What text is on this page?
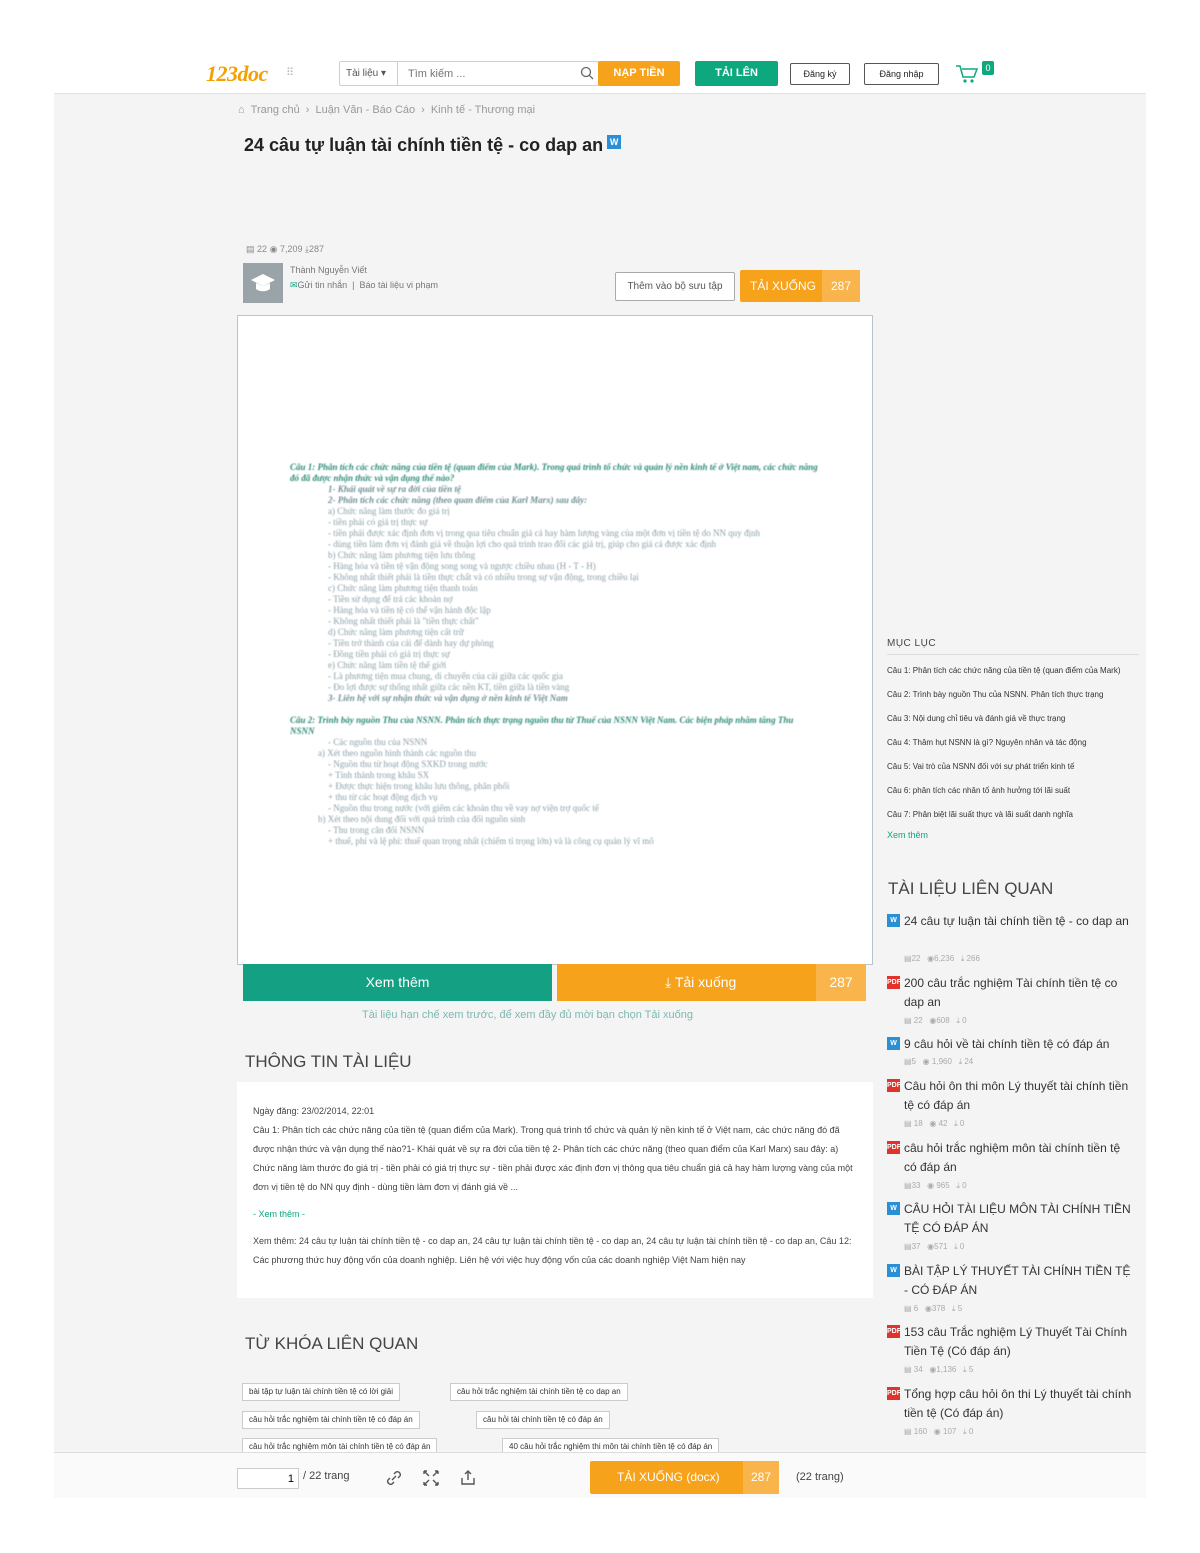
123doc ⠿	Tài liệu ▾
Tìm kiếm ...	NẠP TIỀN	TẢI LÊN	Đăng ký	Đăng nhập
0
⌂ Trang chủ › Luận Văn - Báo Cáo › Kinh tế - Thương mại
24 câu tự luận tài chính tiền tệ - co dap an W
▤ 22 ◉ 7,209 ⤓287
Thành Nguyễn Viết
✉Gửi tin nhắn  |  Báo tài liệu vi phạm	Thêm vào bộ sưu tập	TẢI XUỐNG	287
Câu 1: Phân tích các chức năng của tiền tệ (quan điểm của Mark). Trong quá trình tổ chức và quản lý nền kinh tế ở Việt nam, các chức năng đó đã được nhận thức và vận dụng thế nào?
1- Khái quát về sự ra đời của tiền tệ
2- Phân tích các chức năng (theo quan điểm của Karl Marx) sau đây:
a) Chức năng làm thước đo giá trị
- tiền phải có giá trị thực sự
- tiền phải được xác định đơn vị trong qua tiêu chuẩn giá cả hay hàm lượng vàng của một đơn vị tiền tệ do NN quy định
- dùng tiền làm đơn vị đánh giá về thuận lợi cho quá trình trao đổi các giá trị, giúp cho giá cả được xác định
b) Chức năng làm phương tiện lưu thông
- Hàng hóa và tiền tệ vận động song song và ngược chiều nhau (H - T - H)
- Không nhất thiết phải là tiền thực chất và có nhiều trong sự vận động, trong chiều lại
c) Chức năng làm phương tiện thanh toán
- Tiền sử dụng để trả các khoản nợ
- Hàng hóa và tiền tệ có thể vận hành độc lập
- Không nhất thiết phải là "tiền thực chất"
d) Chức năng làm phương tiện cất trữ
- Tiền trở thành của cải để dành hay dự phòng
- Đồng tiền phải có giá trị thực sự
e) Chức năng làm tiền tệ thế giới
- Là phương tiện mua chung, di chuyển của cải giữa các quốc gia
- Đo lợi được sự thống nhất giữa các nền KT, tiền giữa là tiền vàng
3- Liên hệ với sự nhận thức và vận dụng ở nền kinh tế Việt Nam
Câu 2: Trình bày nguồn Thu của NSNN. Phân tích thực trạng nguồn thu từ Thuế của NSNN Việt Nam. Các biện pháp nhằm tăng Thu NSNN
- Các nguồn thu của NSNN
a) Xét theo nguồn hình thành các nguồn thu
- Nguồn thu từ hoạt động SXKD trong nước
+ Tính thành trong khâu SX
+ Được thực hiện trong khâu lưu thông, phân phối
+ thu từ các hoạt động dịch vụ
- Nguồn thu trong nước (với giếm các khoản thu về vay nợ viện trợ quốc tế
b) Xét theo nội dung đối với quá trình của đối nguồn sinh
- Thu trong cân đối NSNN
+ thuế, phí và lệ phí: thuế quan trọng nhất (chiếm tỉ trọng lớn) và là công cụ quản lý vĩ mô
Xem thêm	⤓ Tải xuống	287
Tài liệu hạn chế xem trước, để xem đầy đủ mời bạn chọn Tải xuống
THÔNG TIN TÀI LIỆU

Ngày đăng: 23/02/2014, 22:01

Câu 1: Phân tích các chức năng của tiền tệ (quan điểm của Mark). Trong quá trình tổ chức và quản lý nền kinh tế ở Việt nam, các chức năng đó đã được nhận thức và vận dụng thế nào?1- Khái quát về sự ra đời của tiền tệ 2- Phân tích các chức năng (theo quan điểm của Karl Marx) sau đây: a) Chức năng làm thước đo giá trị - tiền phải có giá trị thực sự - tiền phải được xác định đơn vị thông qua tiêu chuẩn giá cả hay hàm lượng vàng của một đơn vị tiền tệ do NN quy định - dùng tiền làm đơn vị đánh giá về ...

- Xem thêm -

Xem thêm: 24 câu tự luận tài chính tiền tệ - co dap an, 24 câu tự luận tài chính tiền tệ - co dap an, 24 câu tự luận tài chính tiền tệ - co dap an, Câu 12: Các phương thức huy động vốn của doanh nghiệp. Liên hệ với việc huy động vốn của các doanh nghiệp Việt Nam hiện nay

TỪ KHÓA LIÊN QUAN
bài tập tự luận tài chính tiền tệ có lời giải	câu hỏi trắc nghiệm tài chính tiền tệ co dap an
câu hỏi trắc nghiệm tài chính tiền tệ có đáp án	câu hỏi tài chính tiền tệ có đáp án
câu hỏi trắc nghiệm môn tài chính tiền tệ có đáp án	40 câu hỏi trắc nghiệm thi môn tài chính tiền tệ có đáp án
MỤC LỤC
Câu 1: Phân tích các chức năng của tiền tệ (quan điểm của Mark)
Câu 2: Trình bày nguồn Thu của NSNN. Phân tích thực trạng
Câu 3: Nội dung chỉ tiêu và đánh giá về thực trạng
Câu 4: Thâm hụt NSNN là gì? Nguyên nhân và tác động
Câu 5: Vai trò của NSNN đối với sự phát triển kinh tế
Câu 6: phân tích các nhân tố ảnh hưởng tới lãi suất
Câu 7: Phân biệt lãi suất thực và lãi suất danh nghĩa
Xem thêm
TÀI LIỆU LIÊN QUAN
W 24 câu tự luận tài chính tiền tệ - co dap an
▤22   ◉6,236   ⤓ 266
PDF 200 câu trắc nghiệm Tài chính tiền tệ co dap an
▤ 22   ◉608   ⤓ 0
W 9 câu hỏi về tài chính tiền tệ có đáp án
▤5   ◉ 1,960   ⤓ 24
PDF Câu hỏi ôn thi môn Lý thuyết tài chính tiền tệ có đáp án
▤ 18   ◉ 42   ⤓ 0
PDF câu hỏi trắc nghiệm môn tài chính tiền tệ có đáp án
▤33   ◉ 965   ⤓ 0
W CÂU HỎI TÀI LIỆU MÔN TÀI CHÍNH TIỀN TỆ CÓ ĐÁP ÁN
▤37   ◉571   ⤓ 0
W BÀI TẬP LÝ THUYẾT TÀI CHÍNH TIỀN TỆ - CÓ ĐÁP ÁN
▤ 6   ◉378   ⤓ 5
PDF 153 câu Trắc nghiệm Lý Thuyết Tài Chính Tiền Tệ (Có đáp án)
▤ 34   ◉1,136   ⤓ 5
PDF Tổng hợp câu hỏi ôn thi Lý thuyết tài chính tiền tệ (Có đáp án)
▤ 160   ◉ 107   ⤓ 0
1
/ 22 trang	TẢI XUỐNG (docx)	287	(22 trang)
